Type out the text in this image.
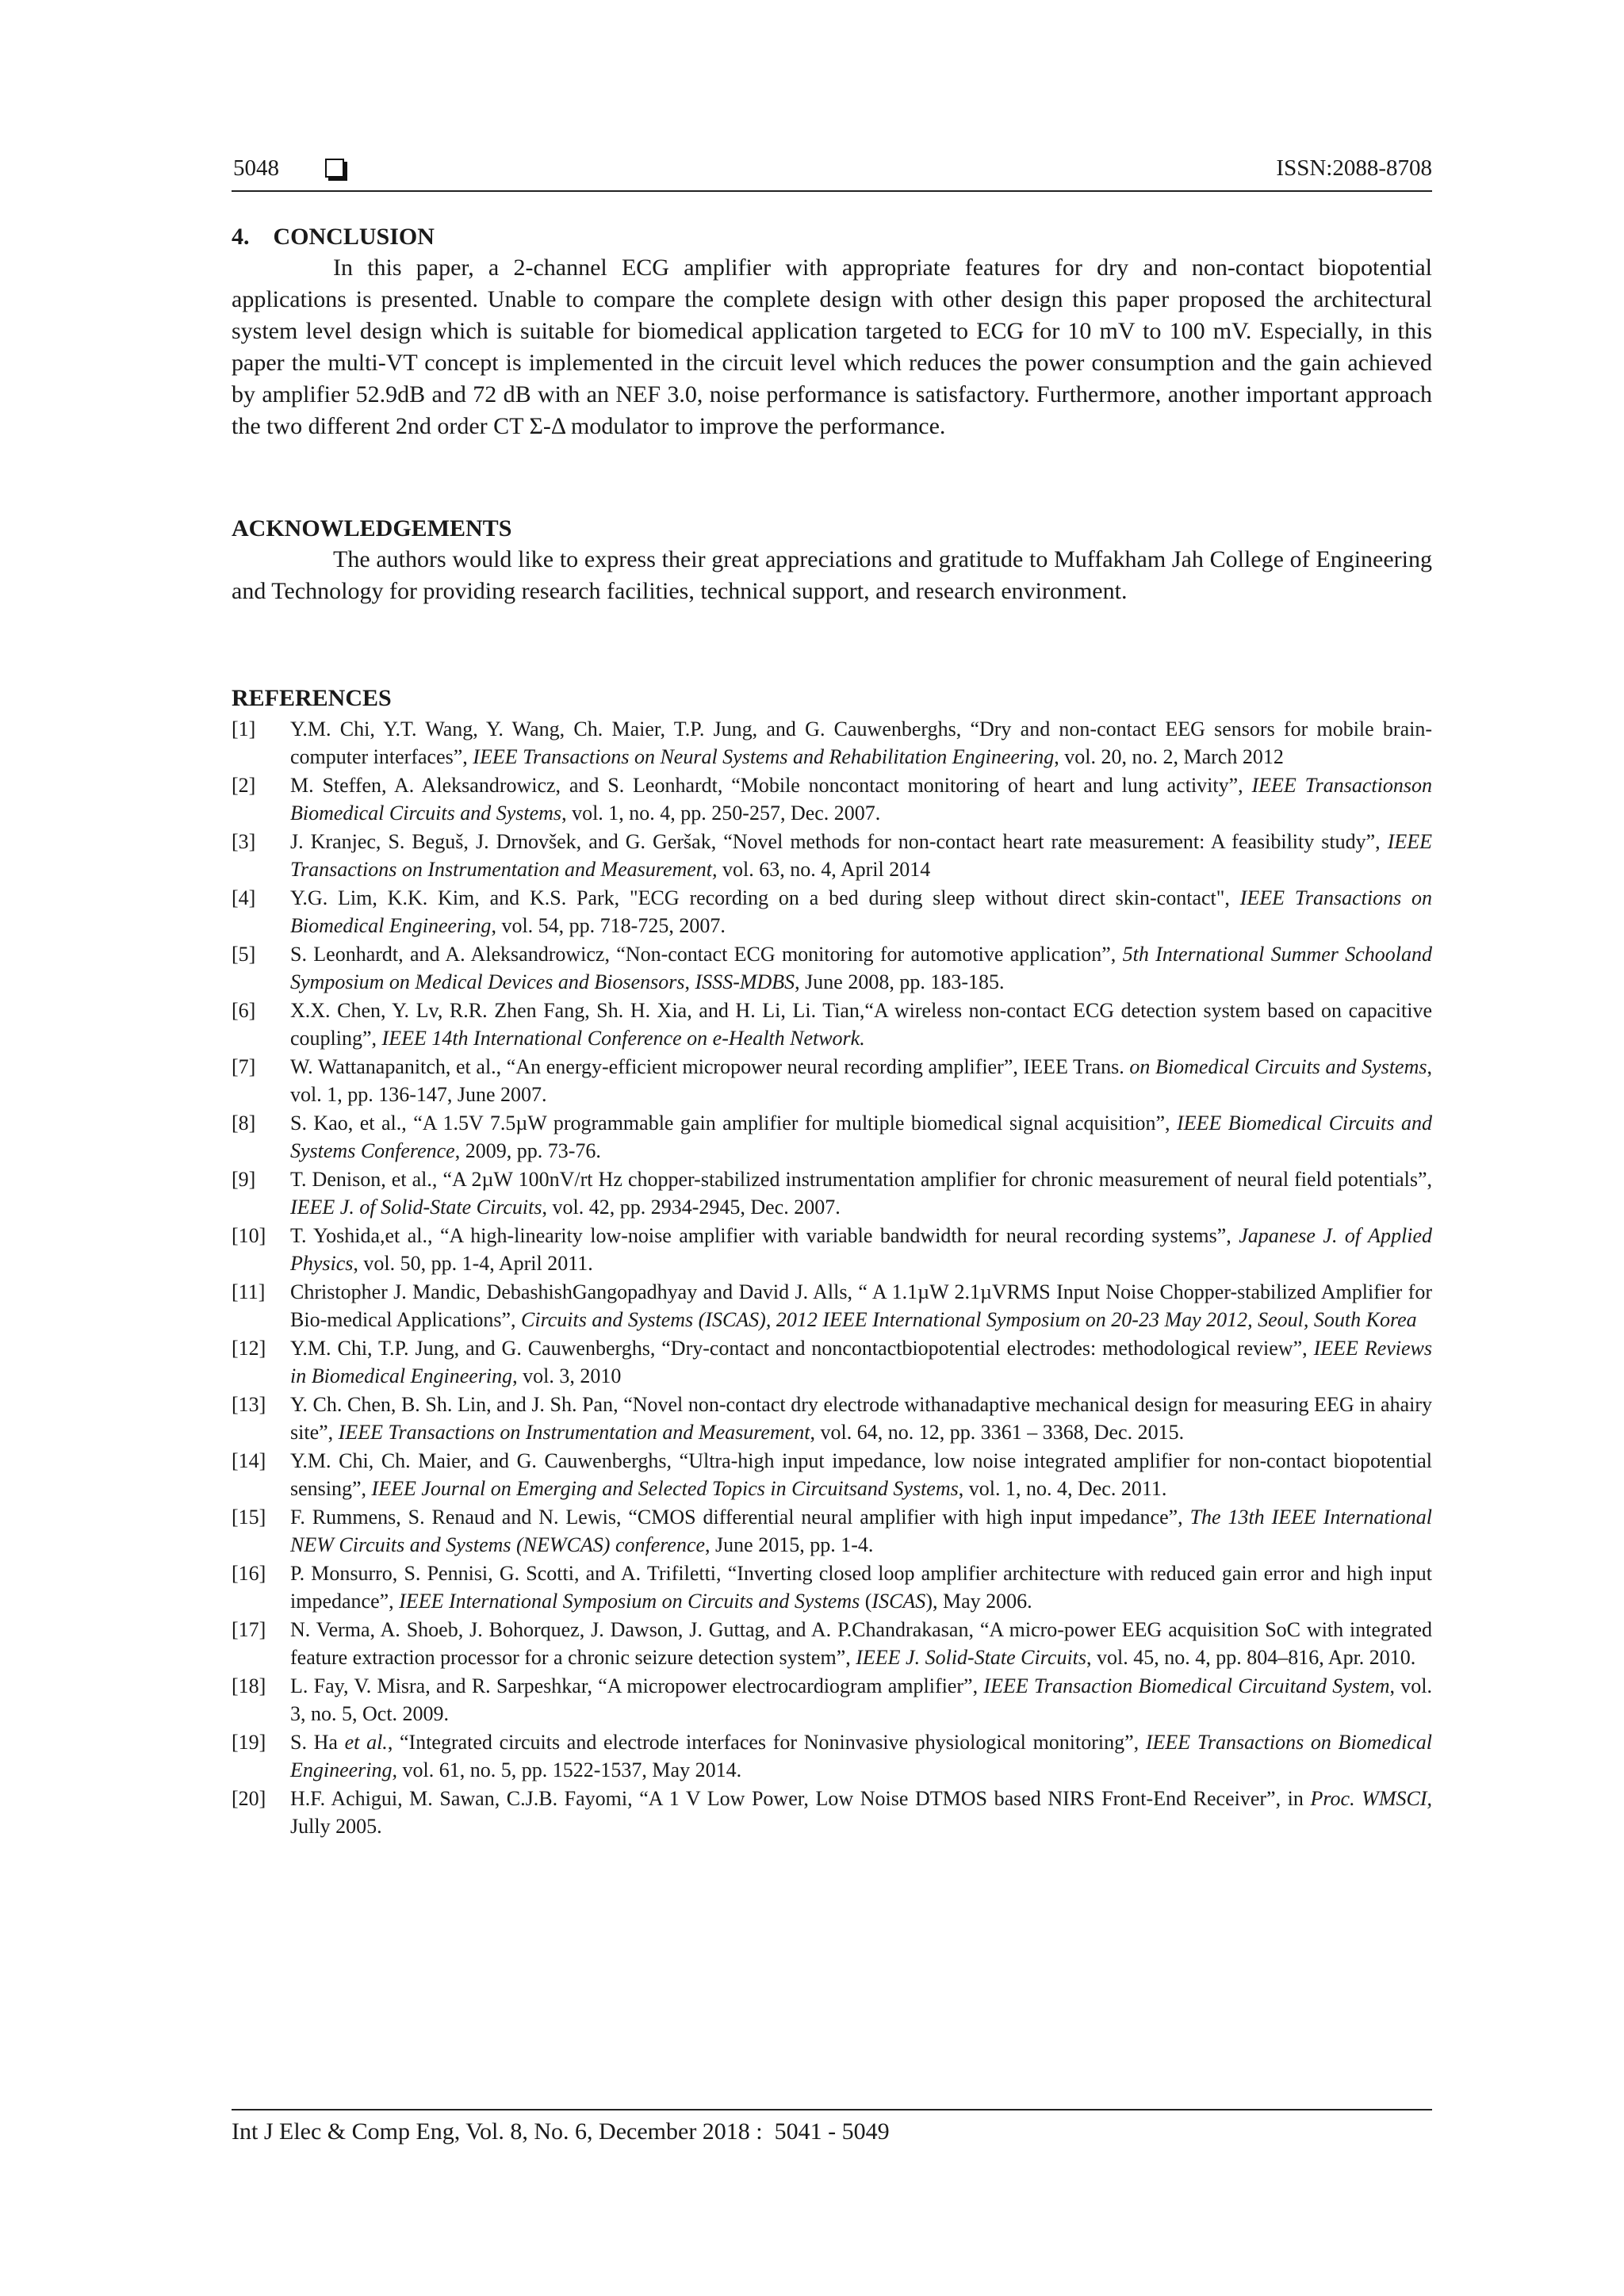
5048	ISSN:2088-8708
4.    CONCLUSION

In this paper, a 2-channel ECG amplifier with appropriate features for dry and non-contact biopotential applications is presented. Unable to compare the complete design with other design this paper proposed the architectural system level design which is suitable for biomedical application targeted to ECG for 10 mV to 100 mV. Especially, in this paper the multi-VT concept is implemented in the circuit level which reduces the power consumption and the gain achieved by amplifier 52.9dB and 72 dB with an NEF 3.0, noise performance is satisfactory. Furthermore, another important approach the two different 2nd order CT Σ-Δ modulator to improve the performance.

ACKNOWLEDGEMENTS

The authors would like to express their great appreciations and gratitude to Muffakham Jah College of Engineering and Technology for providing research facilities, technical support, and research environment.

REFERENCES
[1]	Y.M. Chi, Y.T. Wang, Y. Wang, Ch. Maier, T.P. Jung, and G. Cauwenberghs, “Dry and non-contact EEG sensors for mobile brain-computer interfaces”, IEEE Transactions on Neural Systems and Rehabilitation Engineering, vol. 20, no. 2, March 2012
[2]	M. Steffen, A. Aleksandrowicz, and S. Leonhardt, “Mobile noncontact monitoring of heart and lung activity”, IEEE Transactionson Biomedical Circuits and Systems, vol. 1, no. 4, pp. 250-257, Dec. 2007.
[3]	J. Kranjec, S. Beguš, J. Drnovšek, and G. Geršak, “Novel methods for non-contact heart rate measurement: A feasibility study”, IEEE Transactions on Instrumentation and Measurement, vol. 63, no. 4, April 2014
[4]	Y.G. Lim, K.K. Kim, and K.S. Park, "ECG recording on a bed during sleep without direct skin-contact", IEEE Transactions on Biomedical Engineering, vol. 54, pp. 718-725, 2007.
[5]	S. Leonhardt, and A. Aleksandrowicz, “Non-contact ECG monitoring for automotive application”, 5th International Summer Schooland Symposium on Medical Devices and Biosensors, ISSS-MDBS, June 2008, pp. 183-185.
[6]	X.X. Chen, Y. Lv, R.R. Zhen Fang, Sh. H. Xia, and H. Li, Li. Tian,“A wireless non-contact ECG detection system based on capacitive coupling”, IEEE 14th International Conference on e-Health Network.
[7]	W. Wattanapanitch, et al., “An energy-efficient micropower neural recording amplifier”, IEEE Trans. on Biomedical Circuits and Systems, vol. 1, pp. 136-147, June 2007.
[8]	S. Kao, et al., “A 1.5V 7.5µW programmable gain amplifier for multiple biomedical signal acquisition”, IEEE Biomedical Circuits and Systems Conference, 2009, pp. 73-76.
[9]	T. Denison, et al., “A 2µW 100nV/rt Hz chopper-stabilized instrumentation amplifier for chronic measurement of neural field potentials”, IEEE J. of Solid-State Circuits, vol. 42, pp. 2934-2945, Dec. 2007.
[10]	T. Yoshida,et al., “A high-linearity low-noise amplifier with variable bandwidth for neural recording systems”, Japanese J. of Applied Physics, vol. 50, pp. 1-4, April 2011.
[11]	Christopher J. Mandic, DebashishGangopadhyay and David J. Alls, “ A 1.1µW 2.1µVRMS Input Noise Chopper-stabilized Amplifier for Bio-medical Applications”, Circuits and Systems (ISCAS), 2012 IEEE International Symposium on 20-23 May 2012, Seoul, South Korea
[12]	Y.M. Chi, T.P. Jung, and G. Cauwenberghs, “Dry-contact and noncontactbiopotential electrodes: methodological review”, IEEE Reviews in Biomedical Engineering, vol. 3, 2010
[13]	Y. Ch. Chen, B. Sh. Lin, and J. Sh. Pan, “Novel non-contact dry electrode withanadaptive mechanical design for measuring EEG in ahairy site”, IEEE Transactions on Instrumentation and Measurement, vol. 64, no. 12, pp. 3361 – 3368, Dec. 2015.
[14]	Y.M. Chi, Ch. Maier, and G. Cauwenberghs, “Ultra-high input impedance, low noise integrated amplifier for non-contact biopotential sensing”, IEEE Journal on Emerging and Selected Topics in Circuitsand Systems, vol. 1, no. 4, Dec. 2011.
[15]	F. Rummens, S. Renaud and N. Lewis, “CMOS differential neural amplifier with high input impedance”, The 13th IEEE International NEW Circuits and Systems (NEWCAS) conference, June 2015, pp. 1-4.
[16]	P. Monsurro, S. Pennisi, G. Scotti, and A. Trifiletti, “Inverting closed loop amplifier architecture with reduced gain error and high input impedance”, IEEE International Symposium on Circuits and Systems (ISCAS), May 2006.
[17]	N. Verma, A. Shoeb, J. Bohorquez, J. Dawson, J. Guttag, and A. P.Chandrakasan, “A micro-power EEG acquisition SoC with integrated feature extraction processor for a chronic seizure detection system”, IEEE J. Solid-State Circuits, vol. 45, no. 4, pp. 804–816, Apr. 2010.
[18]	L. Fay, V. Misra, and R. Sarpeshkar, “A micropower electrocardiogram amplifier”, IEEE Transaction Biomedical Circuitand System, vol. 3, no. 5, Oct. 2009.
[19]	S. Ha et al., “Integrated circuits and electrode interfaces for Noninvasive physiological monitoring”, IEEE Transactions on Biomedical Engineering, vol. 61, no. 5, pp. 1522-1537, May 2014.
[20]	H.F. Achigui, M. Sawan, C.J.B. Fayomi, “A 1 V Low Power, Low Noise DTMOS based NIRS Front-End Receiver”, in Proc. WMSCI, Jully 2005.
Int J Elec & Comp Eng, Vol. 8, No. 6, December 2018 :  5041 - 5049
